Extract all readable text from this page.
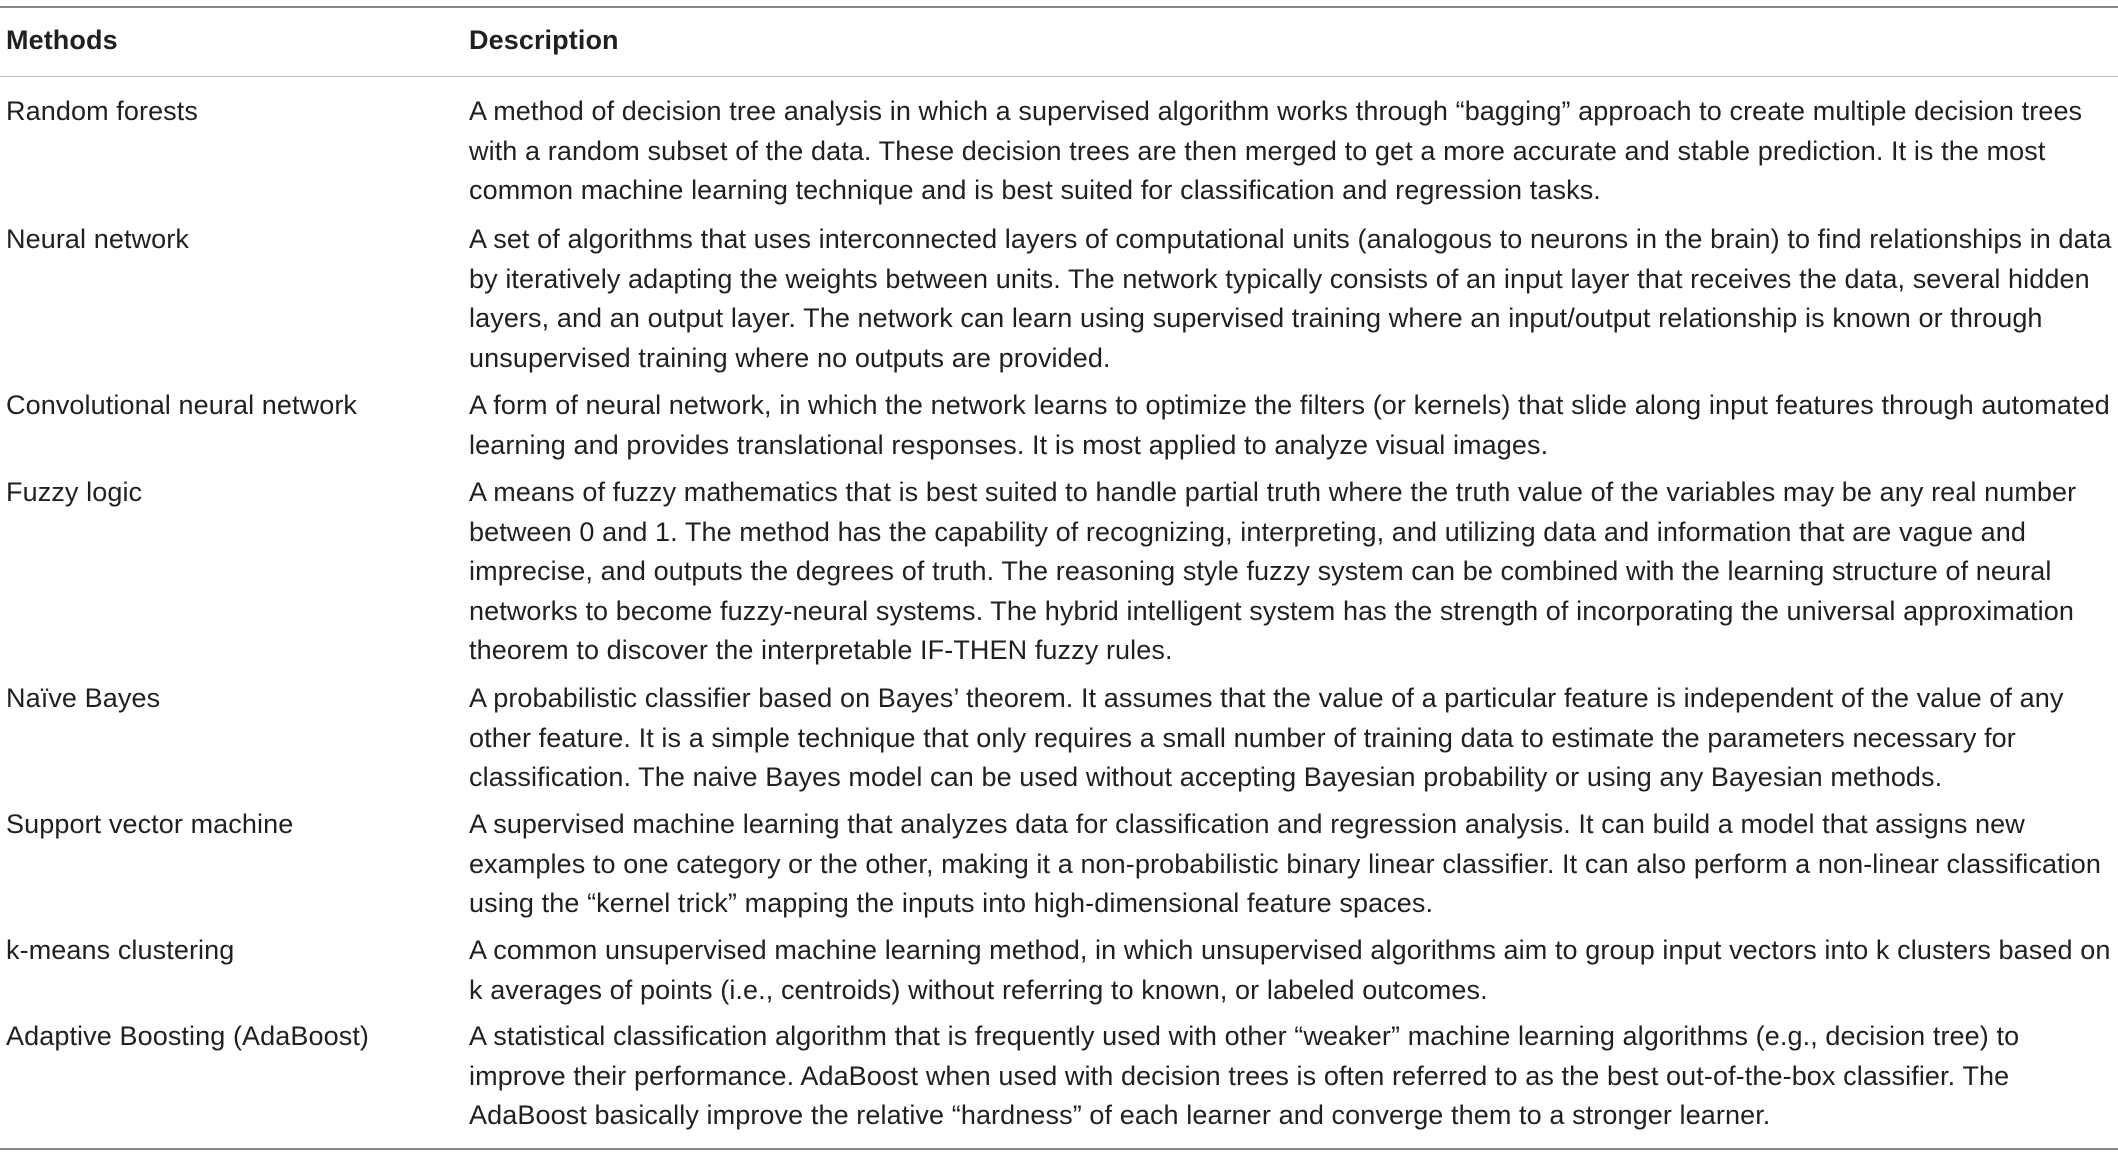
Methods	Description
Random forests	A method of decision tree analysis in which a supervised algorithm works through “bagging” approach to create multiple decision trees with a random subset of the data. These decision trees are then merged to get a more accurate and stable prediction. It is the most common machine learning technique and is best suited for classification and regression tasks.
Neural network	A set of algorithms that uses interconnected layers of computational units (analogous to neurons in the brain) to find relationships in data by iteratively adapting the weights between units. The network typically consists of an input layer that receives the data, several hidden layers, and an output layer. The network can learn using supervised training where an input/output relationship is known or through unsupervised training where no outputs are provided.
Convolutional neural network	A form of neural network, in which the network learns to optimize the filters (or kernels) that slide along input features through automated learning and provides translational responses. It is most applied to analyze visual images.
Fuzzy logic	A means of fuzzy mathematics that is best suited to handle partial truth where the truth value of the variables may be any real number between 0 and 1. The method has the capability of recognizing, interpreting, and utilizing data and information that are vague and imprecise, and outputs the degrees of truth. The reasoning style fuzzy system can be combined with the learning structure of neural networks to become fuzzy-neural systems. The hybrid intelligent system has the strength of incorporating the universal approximation theorem to discover the interpretable IF-THEN fuzzy rules.
Naïve Bayes	A probabilistic classifier based on Bayes’ theorem. It assumes that the value of a particular feature is independent of the value of any other feature. It is a simple technique that only requires a small number of training data to estimate the parameters necessary for classification. The naive Bayes model can be used without accepting Bayesian probability or using any Bayesian methods.
Support vector machine	A supervised machine learning that analyzes data for classification and regression analysis. It can build a model that assigns new examples to one category or the other, making it a non-probabilistic binary linear classifier. It can also perform a non-linear classification using the “kernel trick” mapping the inputs into high-dimensional feature spaces.
k-means clustering	A common unsupervised machine learning method, in which unsupervised algorithms aim to group input vectors into k clusters based on k averages of points (i.e., centroids) without referring to known, or labeled outcomes.
Adaptive Boosting (AdaBoost)	A statistical classification algorithm that is frequently used with other “weaker” machine learning algorithms (e.g., decision tree) to improve their performance. AdaBoost when used with decision trees is often referred to as the best out-of-the-box classifier. The AdaBoost basically improve the relative “hardness” of each learner and converge them to a stronger learner.
